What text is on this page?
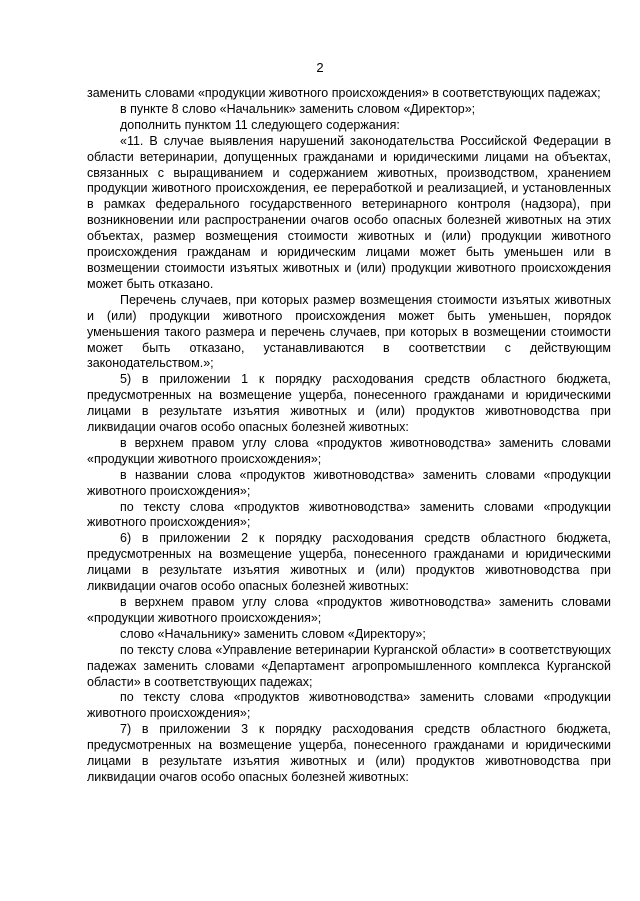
2

заменить словами «продукции животного происхождения» в соответствующих падежах;

в пункте 8 слово «Начальник» заменить словом «Директор»;

дополнить пунктом 11 следующего содержания:

«11. В случае выявления нарушений законодательства Российской Федерации в области ветеринарии, допущенных гражданами и юридическими лицами на объектах, связанных с выращиванием и содержанием животных, производством, хранением продукции животного происхождения, ее переработкой и реализацией, и установленных в рамках федерального государственного ветеринарного контроля (надзора), при возникновении или распространении очагов особо опасных болезней животных на этих объектах, размер возмещения стоимости животных и (или) продукции животного происхождения гражданам и юридическим лицами может быть уменьшен или в возмещении стоимости изъятых животных и (или) продукции животного происхождения может быть отказано.

Перечень случаев, при которых размер возмещения стоимости изъятых животных и (или) продукции животного происхождения может быть уменьшен, порядок уменьшения такого размера и перечень случаев, при которых в возмещении стоимости может быть отказано, устанавливаются в соответствии с действующим законодательством.»;

5) в приложении 1 к порядку расходования средств областного бюджета, предусмотренных на возмещение ущерба, понесенного гражданами и юридическими лицами в результате изъятия животных и (или) продуктов животноводства при ликвидации очагов особо опасных болезней животных:

в верхнем правом углу слова «продуктов животноводства» заменить словами «продукции животного происхождения»;

в названии слова «продуктов животноводства» заменить словами «продукции животного происхождения»;

по тексту слова «продуктов животноводства» заменить словами «продукции животного происхождения»;

6) в приложении 2 к порядку расходования средств областного бюджета, предусмотренных на возмещение ущерба, понесенного гражданами и юридическими лицами в результате изъятия животных и (или) продуктов животноводства при ликвидации очагов особо опасных болезней животных:

в верхнем правом углу слова «продуктов животноводства» заменить словами «продукции животного происхождения»;

слово «Начальнику» заменить словом «Директору»;

по тексту слова «Управление ветеринарии Курганской области» в соответствующих падежах заменить словами «Департамент агропромышленного комплекса Курганской области» в соответствующих падежах;

по тексту слова «продуктов животноводства» заменить словами «продукции животного происхождения»;

7) в приложении 3 к порядку расходования средств областного бюджета, предусмотренных на возмещение ущерба, понесенного гражданами и юридическими лицами в результате изъятия животных и (или) продуктов животноводства при ликвидации очагов особо опасных болезней животных:
